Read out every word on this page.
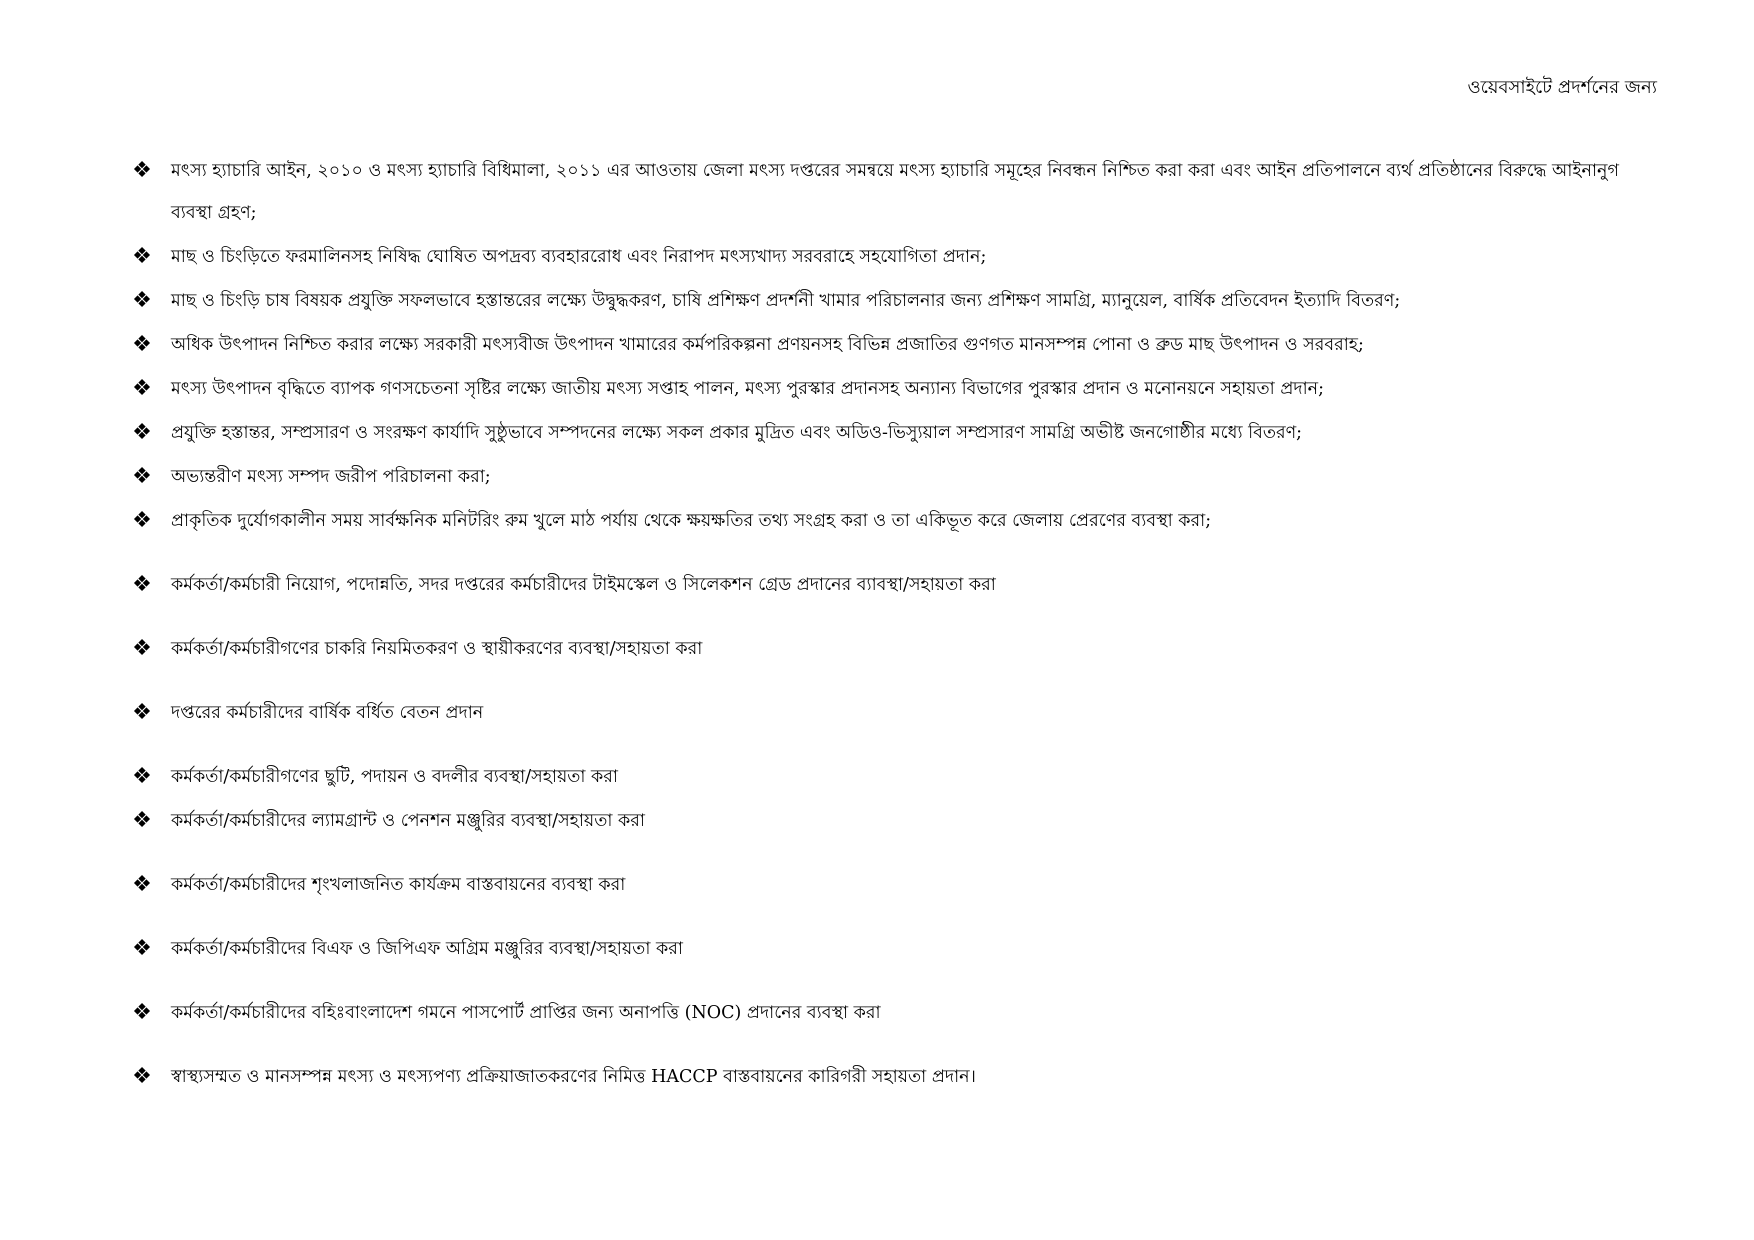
ওয়েবসাইটে প্রদর্শনের জন্য
❖ মৎস্য হ্যাচারি আইন, ২০১০ ও মৎস্য হ্যাচারি বিধিমালা, ২০১১ এর আওতায় জেলা মৎস্য দপ্তরের সমন্বয়ে মৎস্য হ্যাচারি সমূহের নিবন্ধন নিশ্চিত করা করা এবং আইন প্রতিপালনে ব্যর্থ প্রতিষ্ঠানের বিরুদ্ধে আইনানুগ ব্যবস্থা গ্রহণ;
❖ মাছ ও চিংড়িতে ফরমালিনসহ নিষিদ্ধ ঘোষিত অপদ্রব্য ব্যবহাররোধ এবং নিরাপদ মৎস্যখাদ্য সরবরাহে সহযোগিতা প্রদান;
❖ মাছ ও চিংড়ি চাষ বিষয়ক প্রযুক্তি সফলভাবে হস্তান্তরের লক্ষ্যে উদ্বুদ্ধকরণ, চাষি প্রশিক্ষণ প্রদর্শনী খামার পরিচালনার জন্য প্রশিক্ষণ সামগ্রি, ম্যানুয়েল, বার্ষিক প্রতিবেদন ইত্যাদি বিতরণ;
❖ অধিক উৎপাদন নিশ্চিত করার লক্ষ্যে সরকারী মৎস্যবীজ উৎপাদন খামারের কর্মপরিকল্পনা প্রণয়নসহ বিভিন্ন প্রজাতির গুণগত মানসম্পন্ন পোনা ও ব্রুড মাছ উৎপাদন ও সরবরাহ;
❖ মৎস্য উৎপাদন বৃদ্ধিতে ব্যাপক গণসচেতনা সৃষ্টির লক্ষ্যে জাতীয় মৎস্য সপ্তাহ পালন, মৎস্য পুরস্কার প্রদানসহ অন্যান্য বিভাগের পুরস্কার প্রদান ও মনোনয়নে সহায়তা প্রদান;
❖ প্রযুক্তি হস্তান্তর, সম্প্রসারণ ও সংরক্ষণ কার্যাদি সুষ্ঠুভাবে সম্পদনের লক্ষ্যে সকল প্রকার মুদ্রিত এবং অডিও-ভিস্যুয়াল সম্প্রসারণ সামগ্রি অভীষ্ট জনগোষ্ঠীর মধ্যে বিতরণ;
❖ অভ্যন্তরীণ মৎস্য সম্পদ জরীপ পরিচালনা করা;
❖ প্রাকৃতিক দুর্যোগকালীন সময় সার্বক্ষনিক মনিটরিং রুম খুলে মাঠ পর্যায় থেকে ক্ষয়ক্ষতির তথ্য সংগ্রহ করা ও তা একিভূত করে জেলায় প্রেরণের ব্যবস্থা করা;
❖ কর্মকর্তা/কর্মচারী নিয়োগ, পদোন্নতি, সদর দপ্তরের কর্মচারীদের টাইমস্কেল ও সিলেকশন গ্রেড প্রদানের ব্যাবস্থা/সহায়তা করা
❖ কর্মকর্তা/কর্মচারীগণের চাকরি নিয়মিতকরণ ও স্থায়ীকরণের ব্যবস্থা/সহায়তা করা
❖ দপ্তরের কর্মচারীদের বার্ষিক বর্ধিত বেতন প্রদান
❖ কর্মকর্তা/কর্মচারীগণের ছুটি, পদায়ন ও বদলীর ব্যবস্থা/সহায়তা করা
❖ কর্মকর্তা/কর্মচারীদের ল্যামগ্রান্ট ও পেনশন মঞ্জুরির ব্যবস্থা/সহায়তা করা
❖ কর্মকর্তা/কর্মচারীদের শৃংখলাজনিত কার্যক্রম বাস্তবায়নের ব্যবস্থা করা
❖ কর্মকর্তা/কর্মচারীদের বিএফ ও জিপিএফ অগ্রিম মঞ্জুরির ব্যবস্থা/সহায়তা করা
❖ কর্মকর্তা/কর্মচারীদের বহিঃবাংলাদেশ গমনে পাসপোর্ট প্রাপ্তির জন্য অনাপত্তি (NOC) প্রদানের ব্যবস্থা করা
❖ স্বাস্থ্যসম্মত ও মানসম্পন্ন মৎস্য ও মৎস্যপণ্য প্রক্রিয়াজাতকরণের নিমিত্ত HACCP বাস্তবায়নের কারিগরী সহায়তা প্রদান।
